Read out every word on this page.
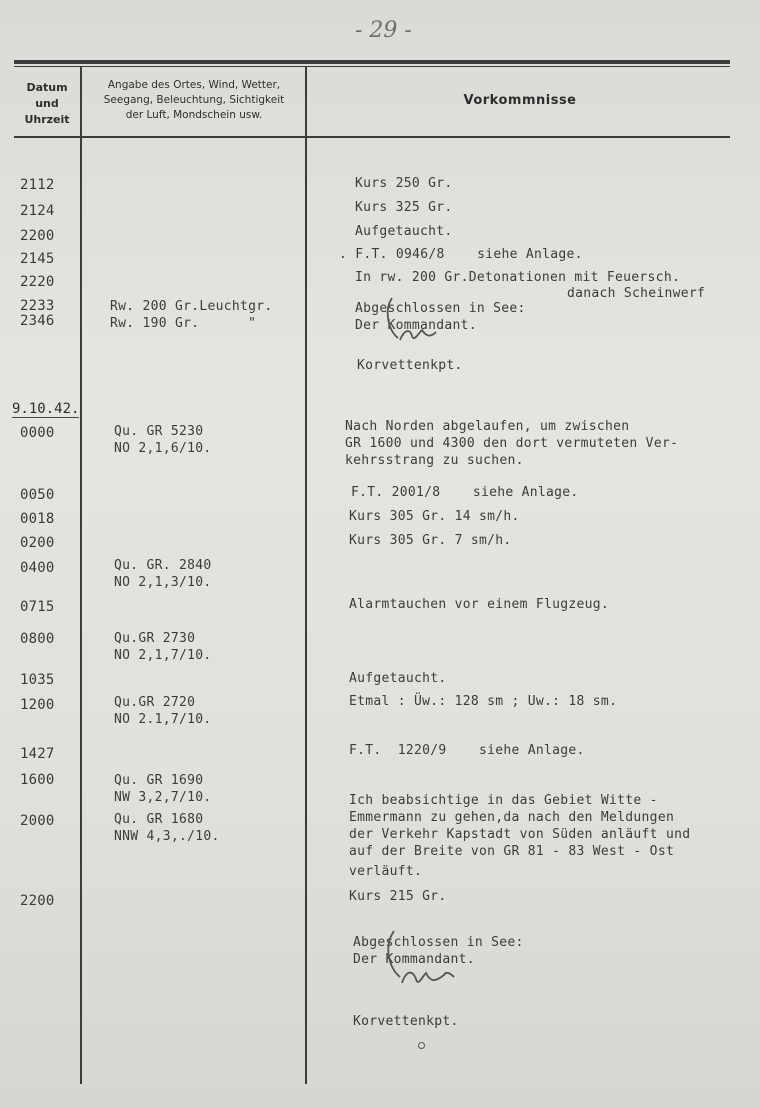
- 29 -
Datum
und
Uhrzeit
Angabe des Ortes, Wind, Wetter,
Seegang, Beleuchtung, Sichtigkeit
der Luft, Mondschein usw.
Vorkommnisse
2112
2124
2200
2145
2220
2233
2346
9.10.42.
0000
0050
0018
0200
0400
0715
0800
1035
1200
1427
1600
2000
2200
Rw. 200 Gr.Leuchtgr.
Rw. 190 Gr.      "
Qu. GR 5230
NO 2,1,6/10.
Qu. GR. 2840
NO 2,1,3/10.
Qu.GR 2730
NO 2,1,7/10.
Qu.GR 2720
NO 2.1,7/10.
Qu. GR 1690
NW 3,2,7/10.
Qu. GR 1680
NNW 4,3,./10.
Kurs 250 Gr.
Kurs 325 Gr.
Aufgetaucht.
. F.T. 0946/8    siehe Anlage.
In rw. 200 Gr.Detonationen mit Feuersch.
danach Scheinwerf
Abgeschlossen in See:
Der Kommandant.
Korvettenkpt.
Nach Norden abgelaufen, um zwischen
GR 1600 und 4300 den dort vermuteten Ver-
kehrsstrang zu suchen.
F.T. 2001/8    siehe Anlage.
Kurs 305 Gr. 14 sm/h.
Kurs 305 Gr. 7 sm/h.
Alarmtauchen vor einem Flugzeug.
Aufgetaucht.
Etmal : Üw.: 128 sm ; Uw.: 18 sm.
F.T.  1220/9    siehe Anlage.
Ich beabsichtige in das Gebiet Witte -
Emmermann zu gehen,da nach den Meldungen
der Verkehr Kapstadt von Süden anläuft und
auf der Breite von GR 81 - 83 West - Ost
verläuft.
Kurs 215 Gr.
Abgeschlossen in See:
Der Kommandant.
Korvettenkpt.
